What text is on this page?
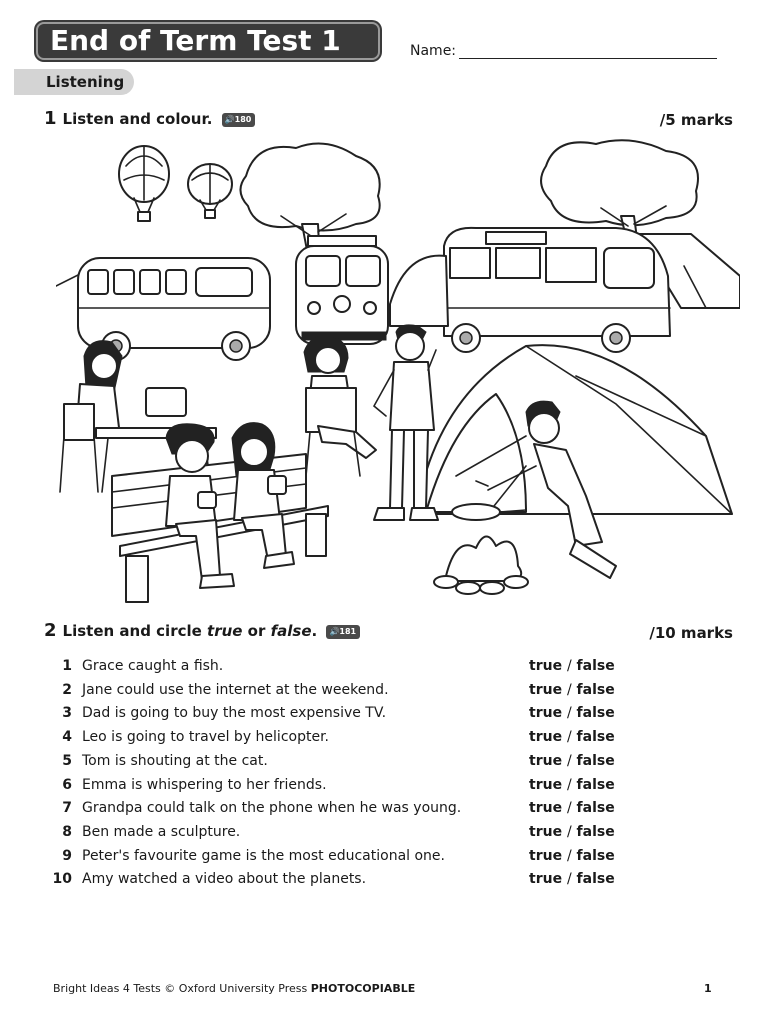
End of Term Test 1	Name:
Listening
1 Listen and colour. 🔊180	/5 marks
2 Listen and circle true or false. 🔊181	/10 marks
1 Grace caught a fish.	true / false
2 Jane could use the internet at the weekend.	true / false
3 Dad is going to buy the most expensive TV.	true / false
4 Leo is going to travel by helicopter.	true / false
5 Tom is shouting at the cat.	true / false
6 Emma is whispering to her friends.	true / false
7 Grandpa could talk on the phone when he was young.	true / false
8 Ben made a sculpture.	true / false
9 Peter's favourite game is the most educational one.	true / false
10 Amy watched a video about the planets.	true / false
Bright Ideas 4 Tests © Oxford University Press PHOTOCOPIABLE	1
